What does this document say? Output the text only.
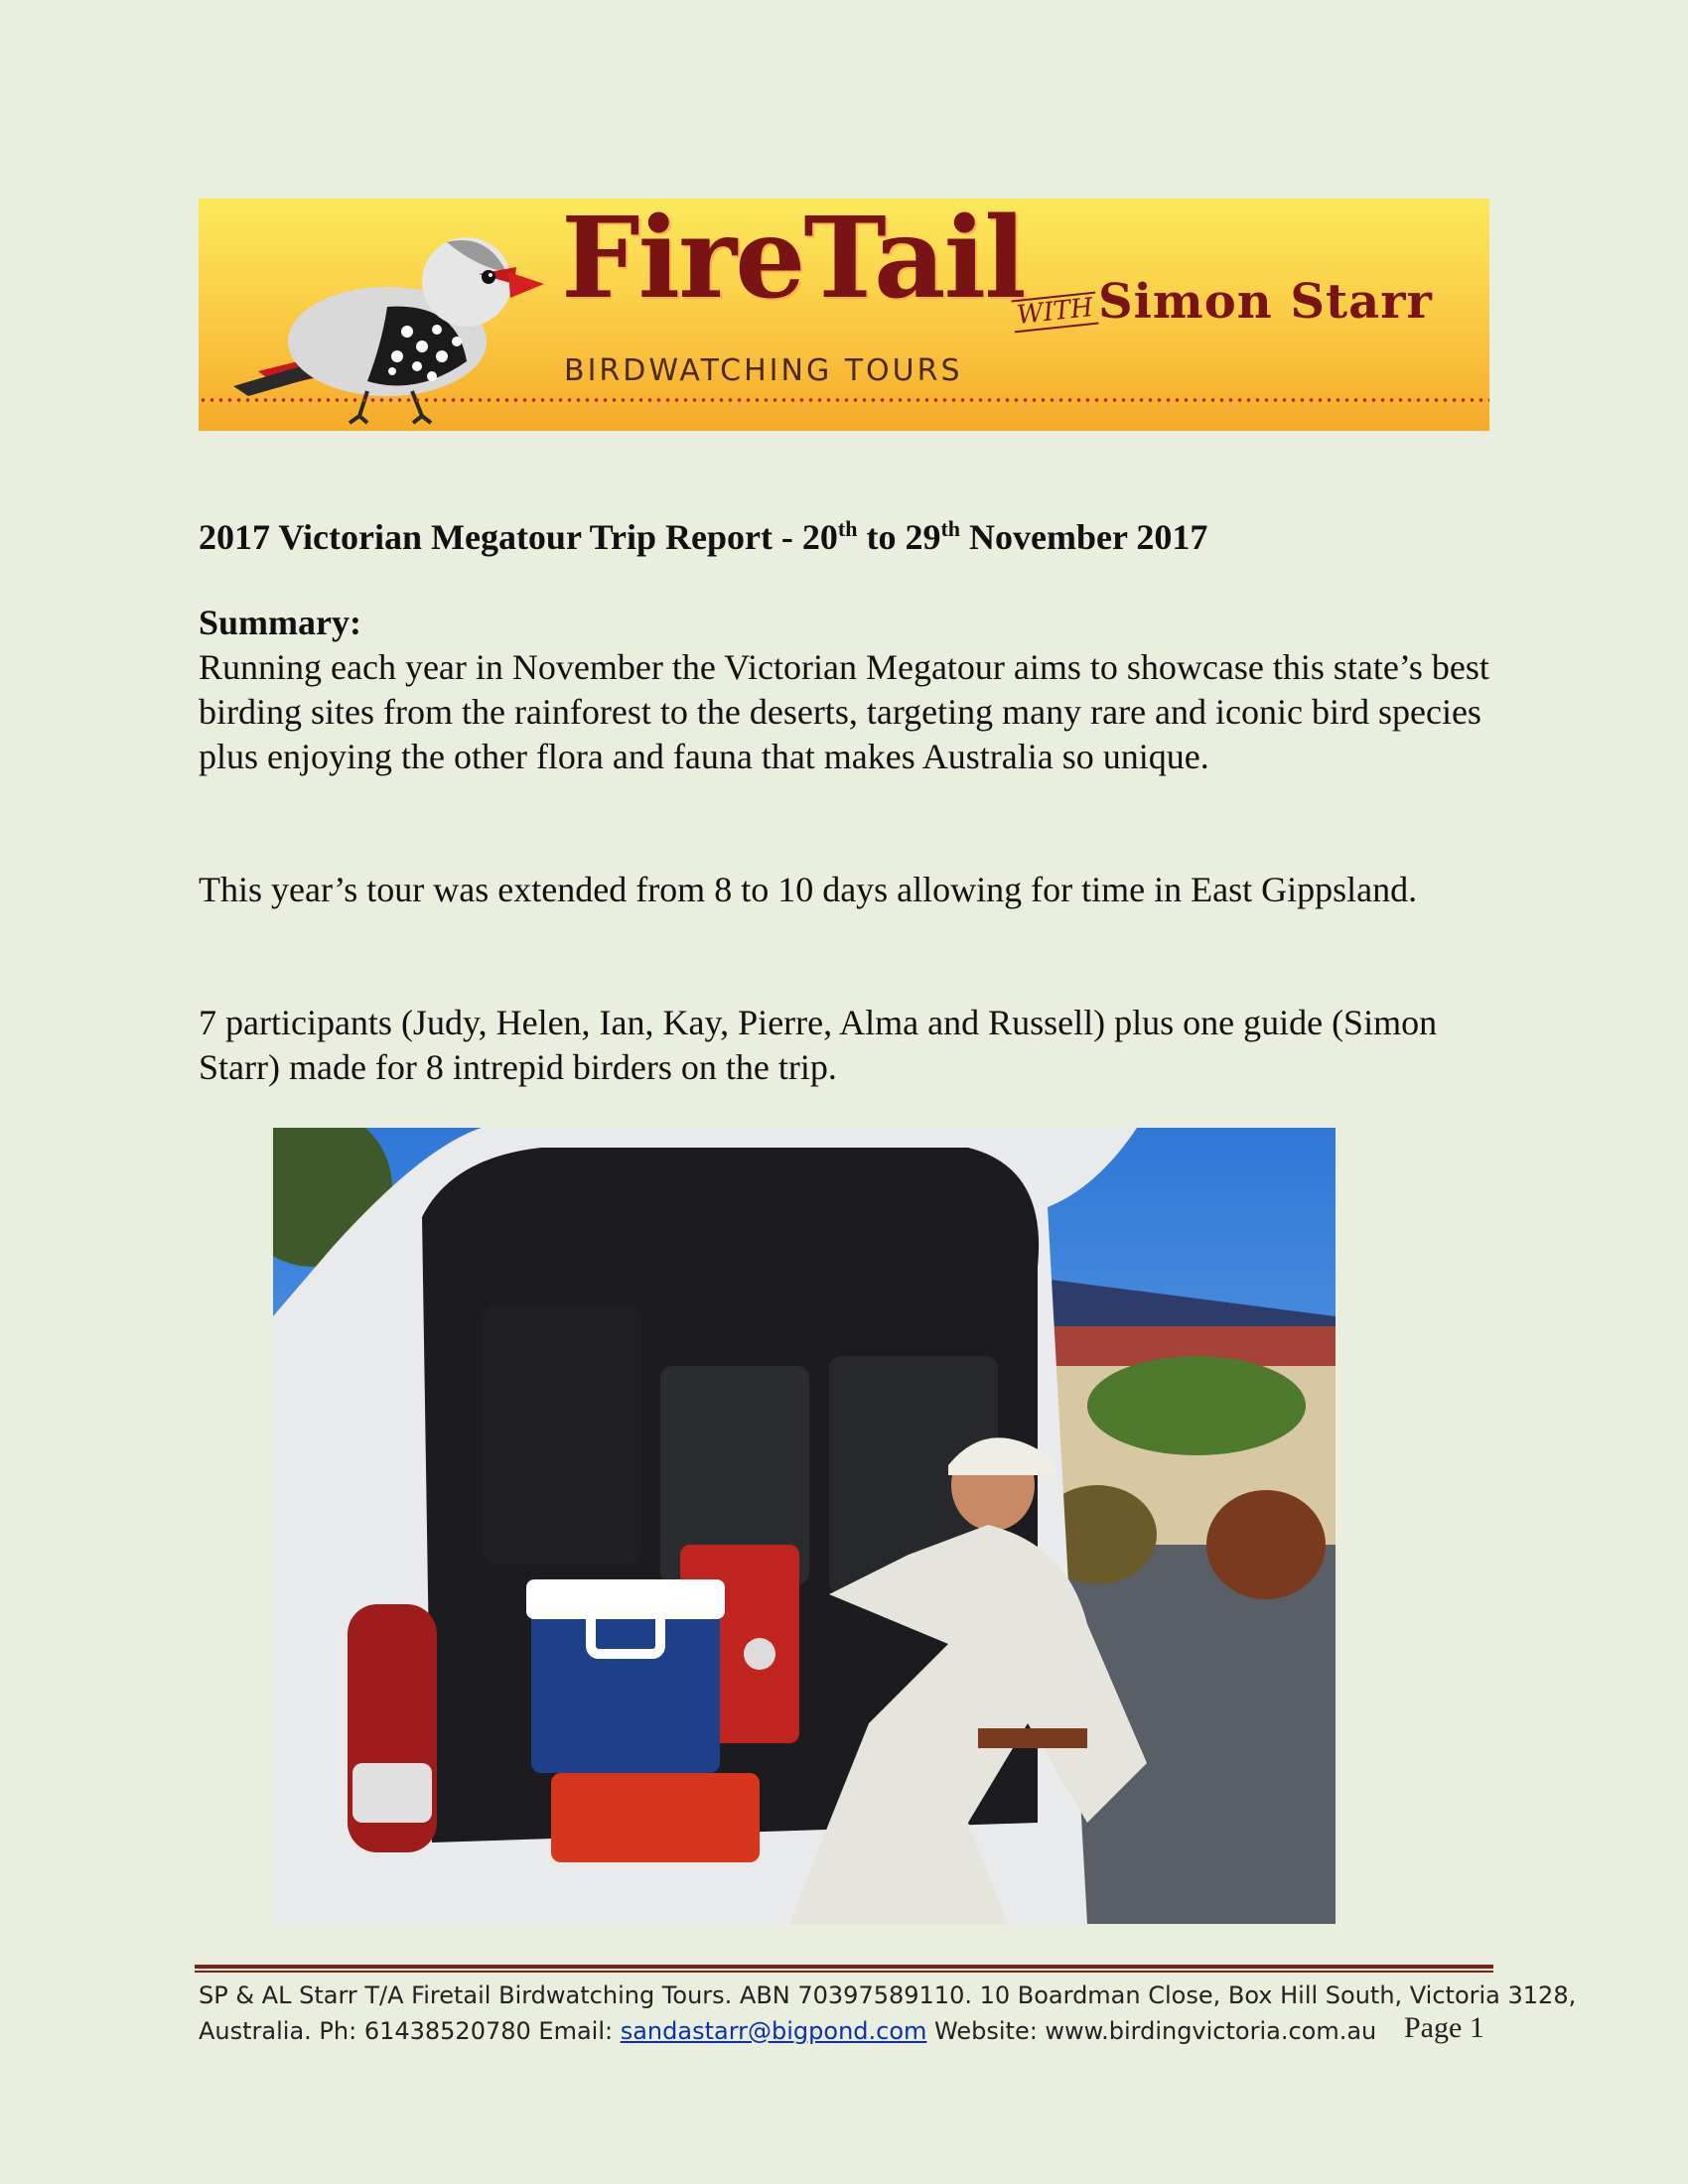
FireTail
WITH Simon Starr
BIRDWATCHING TOURS
2017 Victorian Megatour Trip Report - 20th to 29th November 2017
Summary:

Running each year in November the Victorian Megatour aims to showcase this state’s best birding sites from the rainforest to the deserts, targeting many rare and iconic bird species plus enjoying the other flora and fauna that makes Australia so unique.

This year’s tour was extended from 8 to 10 days allowing for time in East Gippsland.

7 participants (Judy, Helen, Ian, Kay, Pierre, Alma and Russell) plus one guide (Simon Starr) made for 8 intrepid birders on the trip.

SP & AL Starr T/A Firetail Birdwatching Tours. ABN 70397589110. 10 Boardman Close, Box Hill South, Victoria 3128,
Australia. Ph: 61438520780 Email: sandastarr@bigpond.com Website: www.birdingvictoria.com.au Page 1
